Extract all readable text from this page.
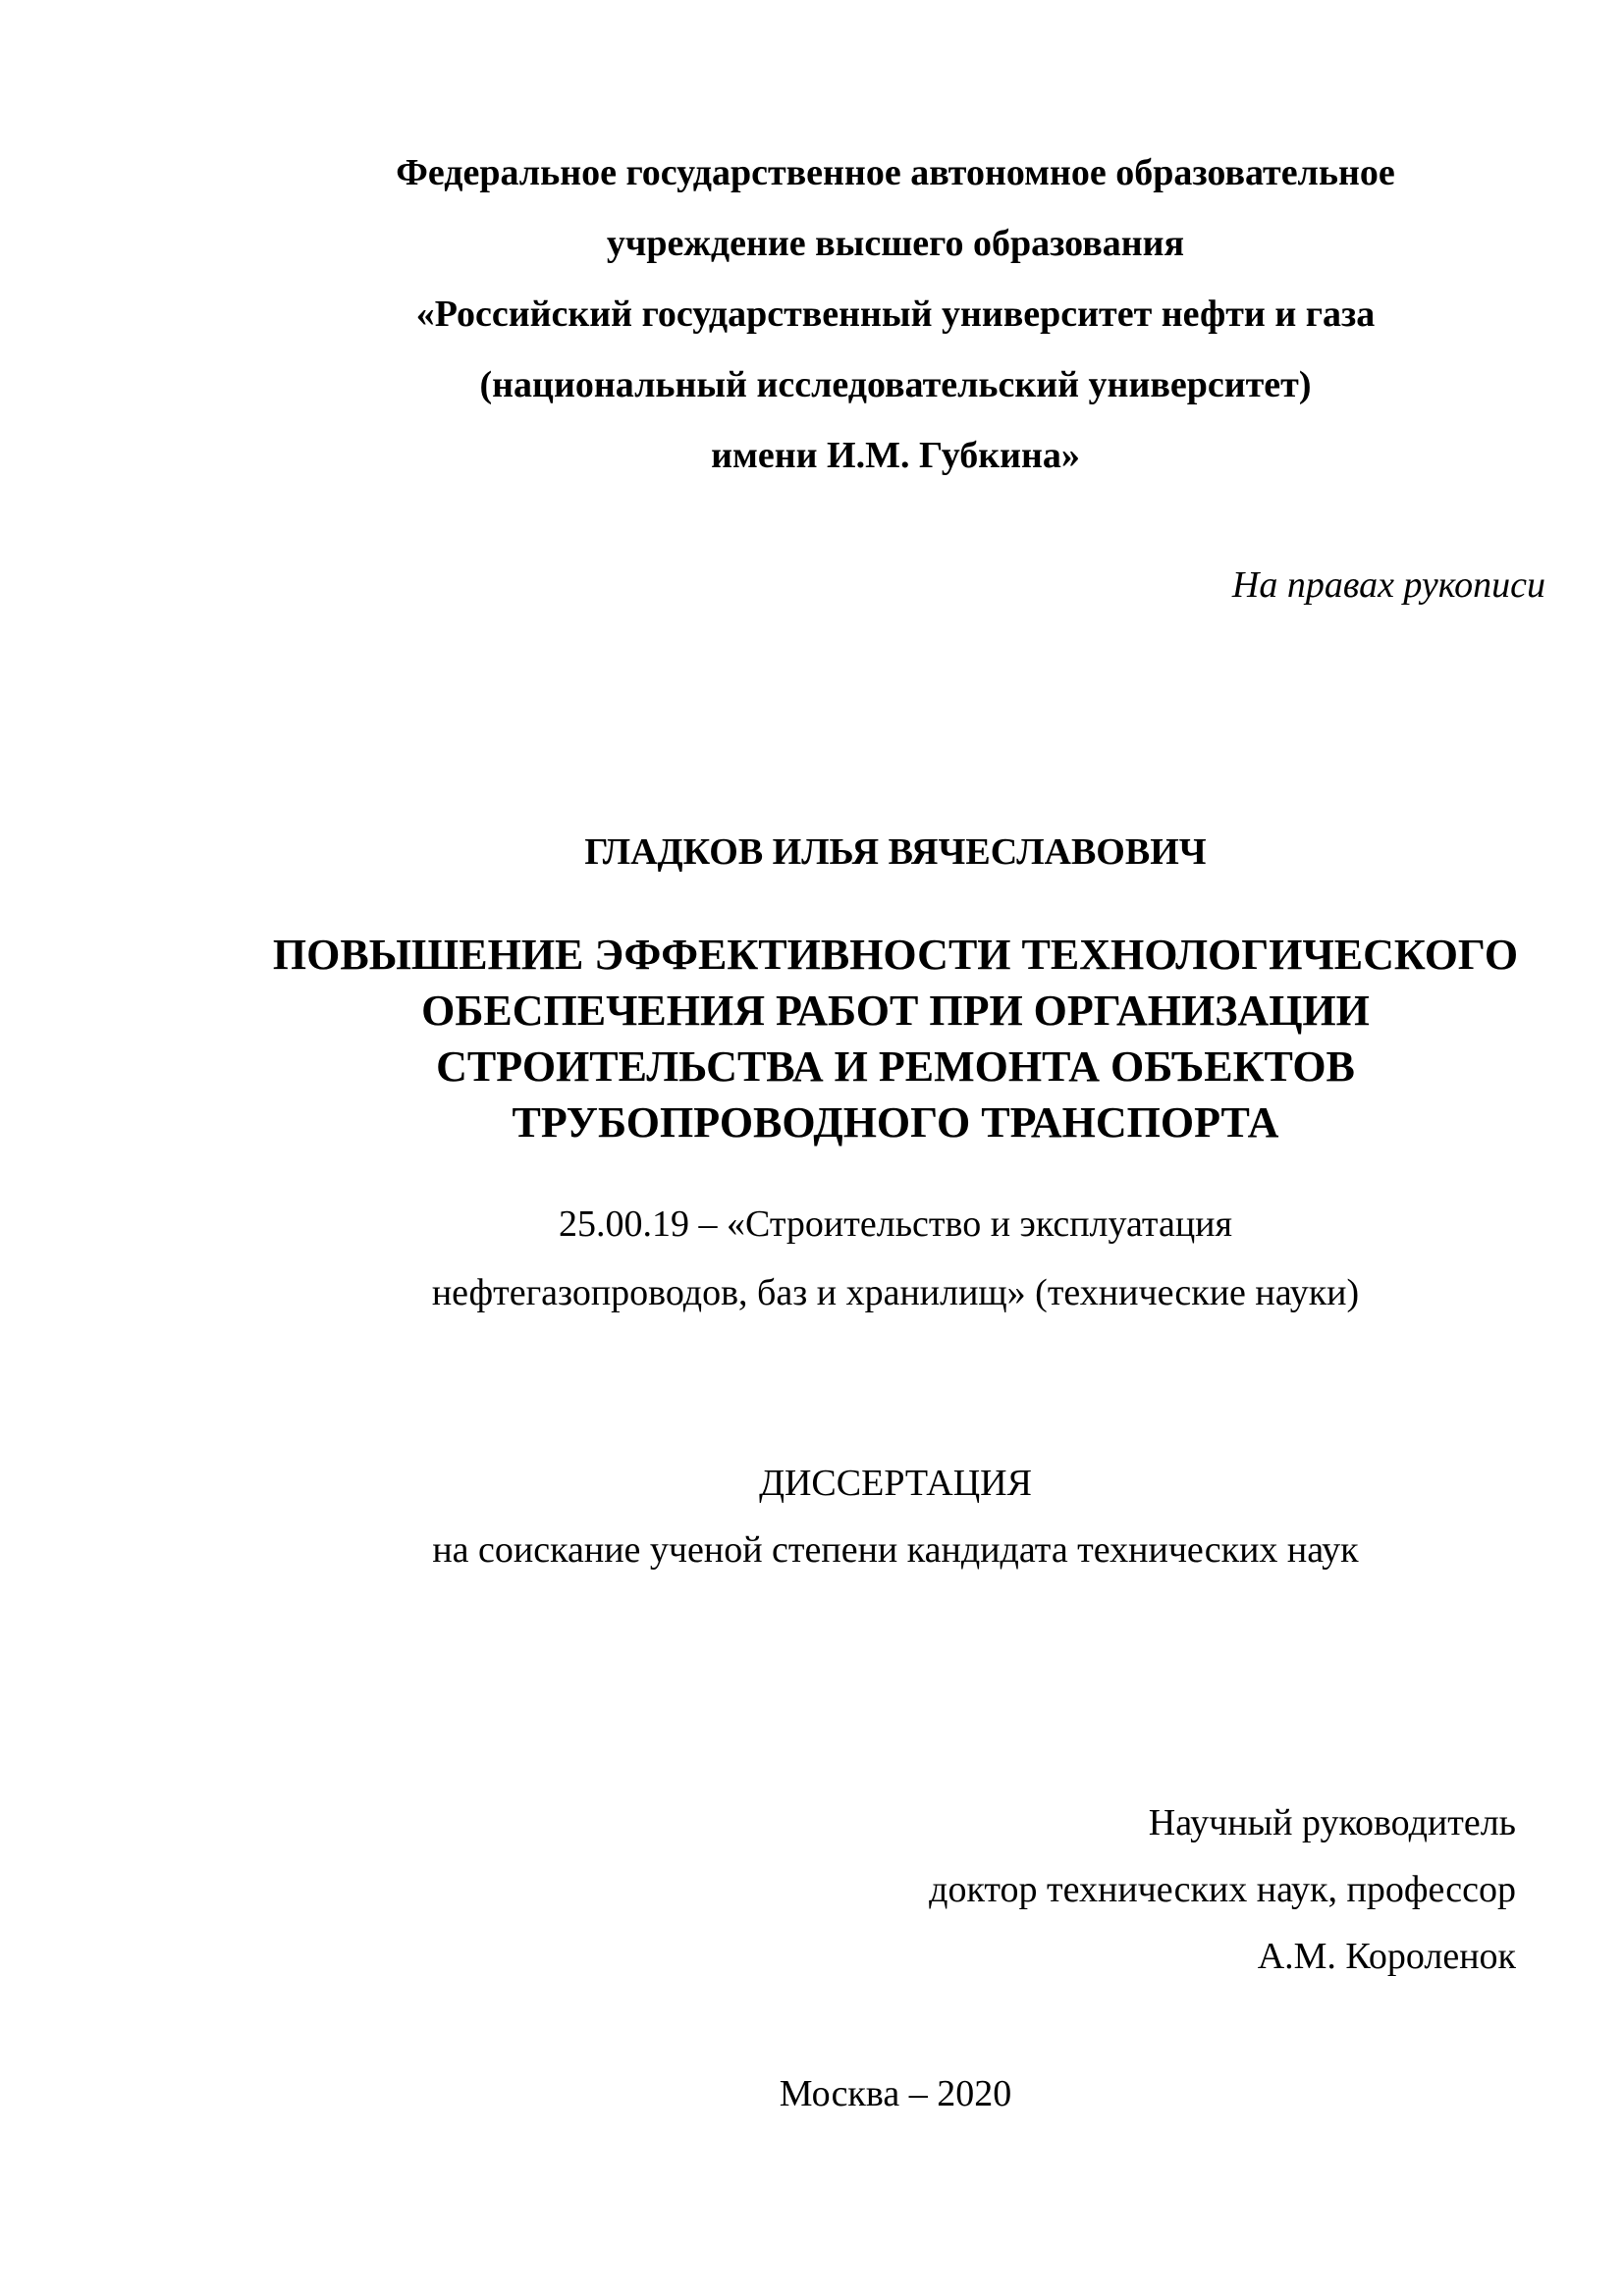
Федеральное государственное автономное образовательное
учреждение высшего образования
«Российский государственный университет нефти и газа
(национальный исследовательский университет)
имени И.М. Губкина»
На правах рукописи
ГЛАДКОВ ИЛЬЯ ВЯЧЕСЛАВОВИЧ
ПОВЫШЕНИЕ ЭФФЕКТИВНОСТИ ТЕХНОЛОГИЧЕСКОГО
ОБЕСПЕЧЕНИЯ РАБОТ ПРИ ОРГАНИЗАЦИИ
СТРОИТЕЛЬСТВА И РЕМОНТА ОБЪЕКТОВ
ТРУБОПРОВОДНОГО ТРАНСПОРТА
25.00.19 – «Строительство и эксплуатация
нефтегазопроводов, баз и хранилищ» (технические науки)
ДИССЕРТАЦИЯ
на соискание ученой степени кандидата технических наук
Научный руководитель
доктор технических наук, профессор
А.М. Короленок
Москва – 2020
